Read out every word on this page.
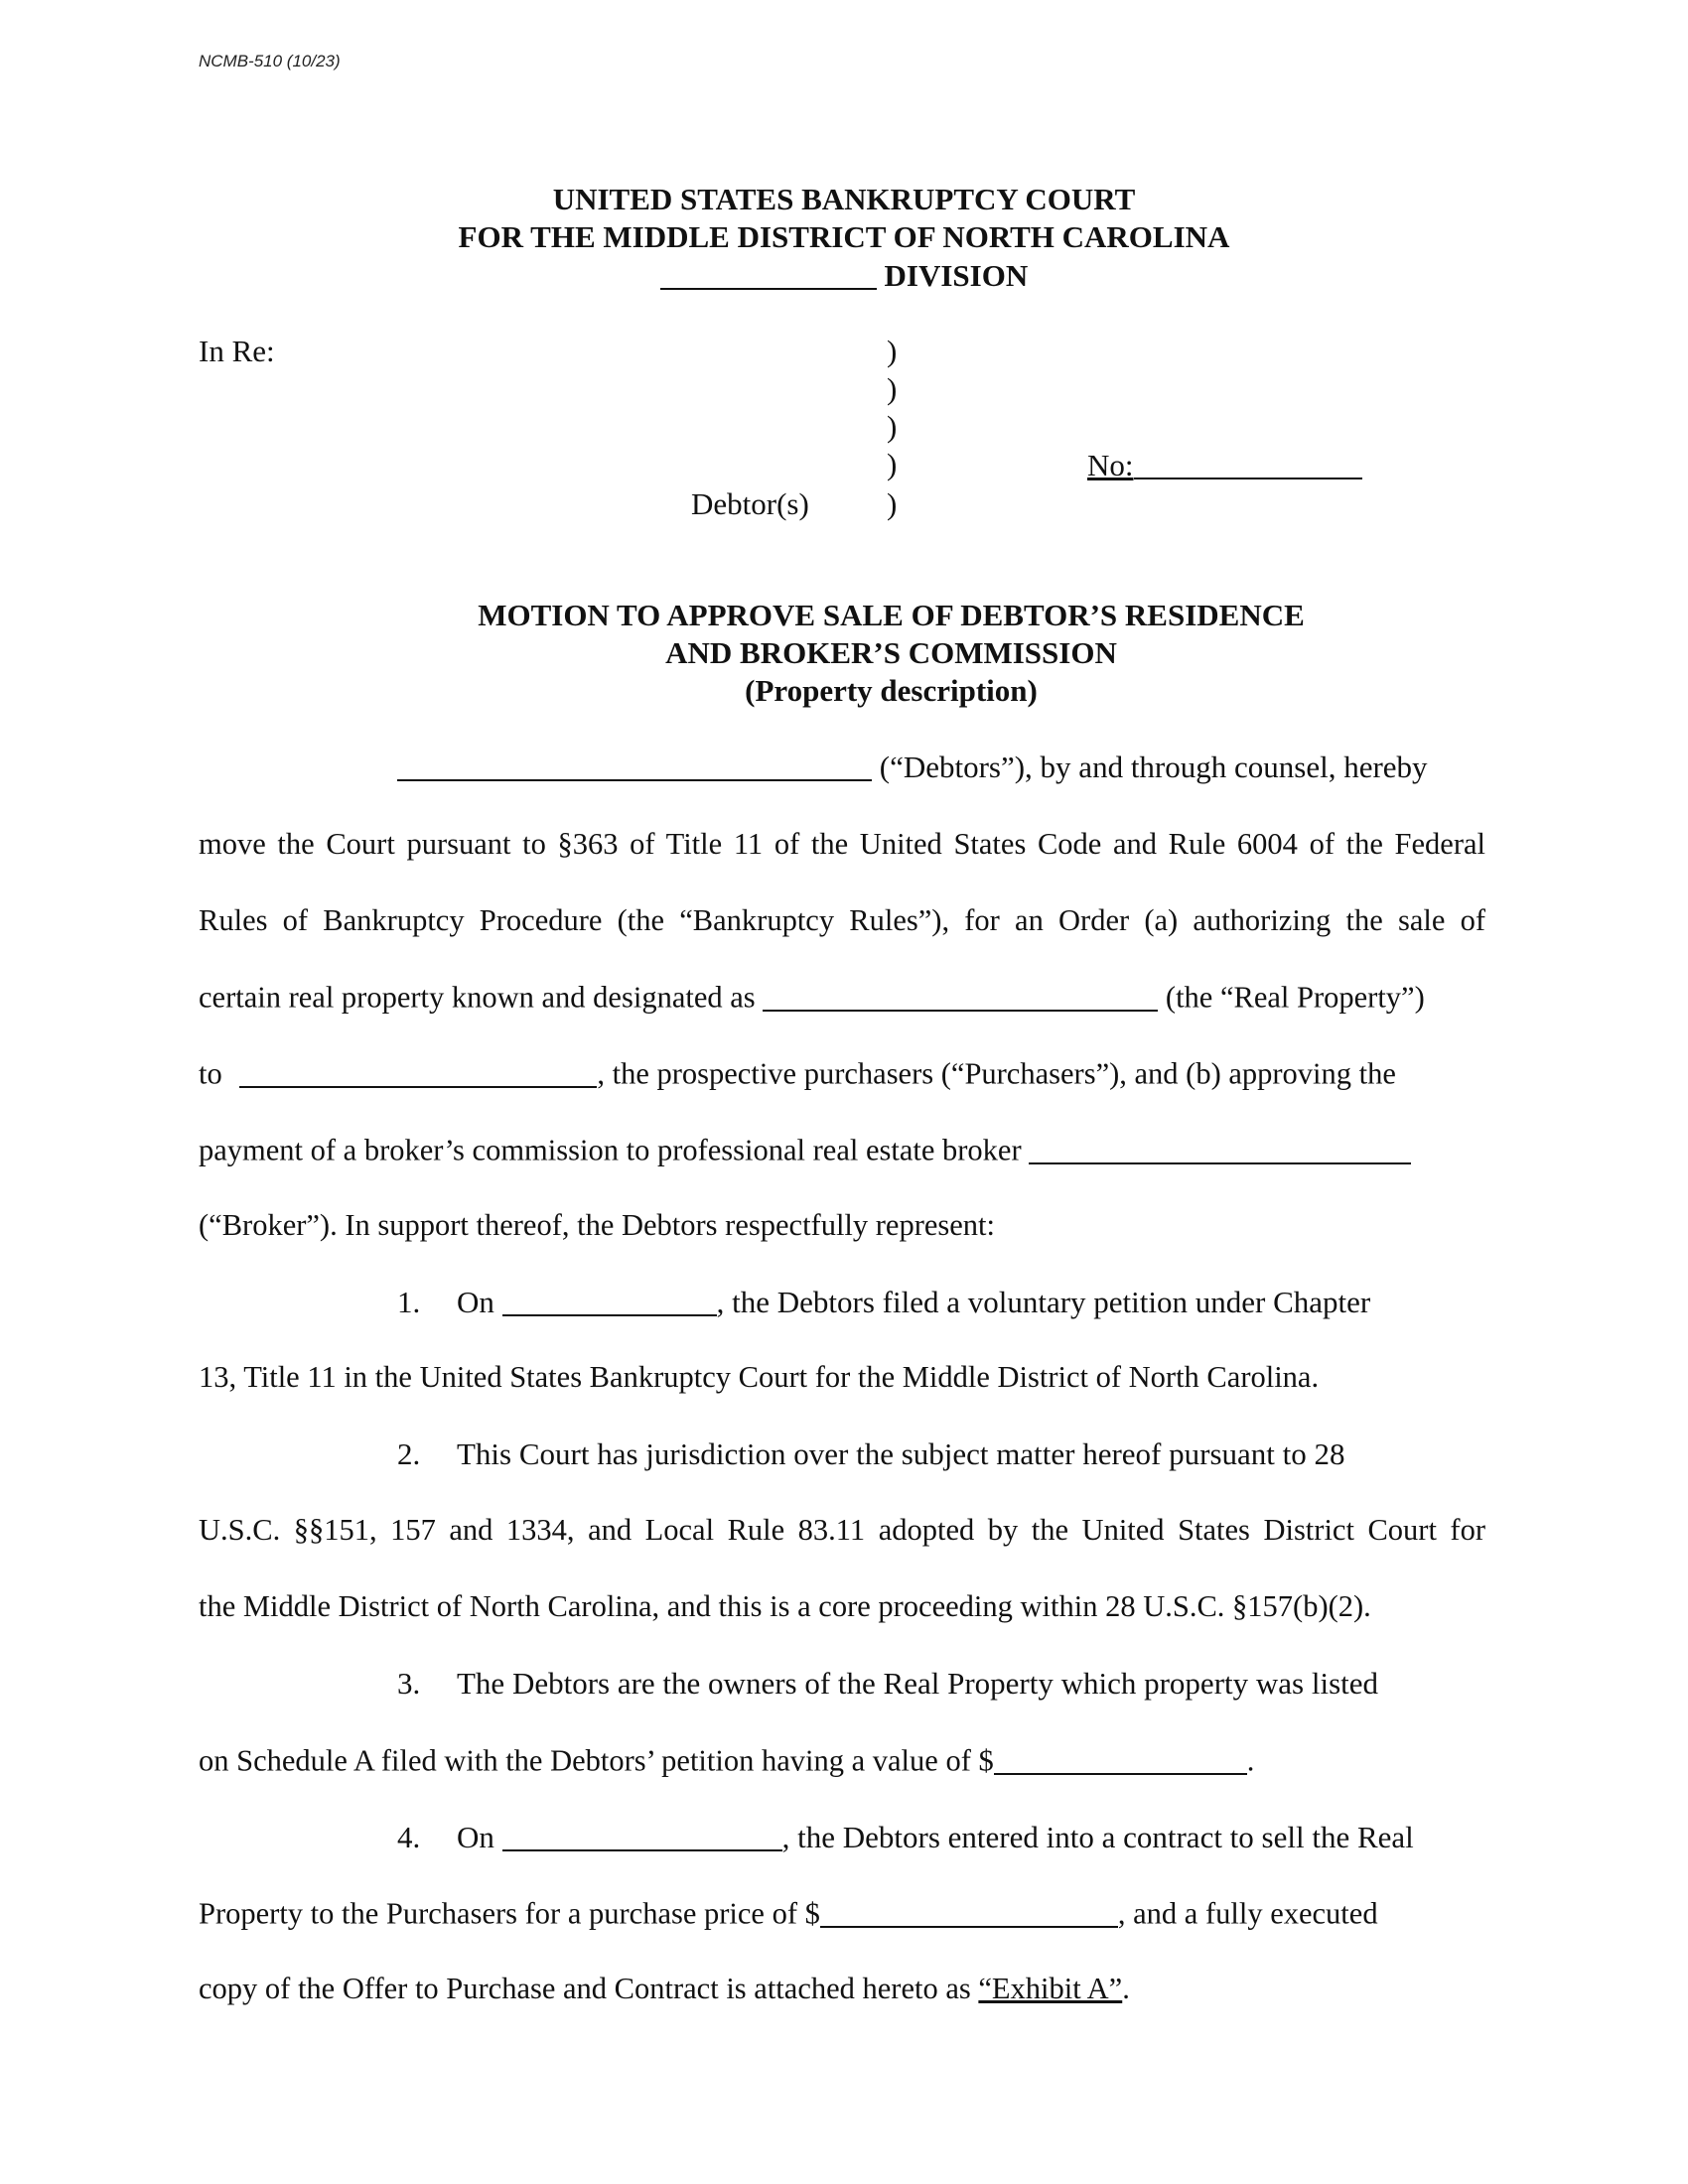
NCMB-510 (10/23)
UNITED STATES BANKRUPTCY COURT
FOR THE MIDDLE DISTRICT OF NORTH CAROLINA
DIVISION
In Re:	)
)
)
)
)
Debtor(s)
No:
MOTION TO APPROVE SALE OF DEBTOR’S RESIDENCE
AND BROKER’S COMMISSION
(Property description)
(“Debtors”), by and through counsel, hereby
move the Court pursuant to §363 of Title 11 of the United States Code and Rule 6004 of the Federal
Rules of Bankruptcy Procedure (the “Bankruptcy Rules”), for an Order (a) authorizing the sale of
certain real property known and designated as	(the “Real Property”)
to	, the prospective purchasers (“Purchasers”), and (b) approving the
payment of a broker’s commission to professional real estate broker
(“Broker”). In support thereof, the Debtors respectfully represent:
1. On	, the Debtors filed a voluntary petition under Chapter
13, Title 11 in the United States Bankruptcy Court for the Middle District of North Carolina.
2. This Court has jurisdiction over the subject matter hereof pursuant to 28
U.S.C. §§151, 157 and 1334, and Local Rule 83.11 adopted by the United States District Court for
the Middle District of North Carolina, and this is a core proceeding within 28 U.S.C. §157(b)(2).
3. The Debtors are the owners of the Real Property which property was listed
on Schedule A filed with the Debtors’ petition having a value of $	.
4. On	, the Debtors entered into a contract to sell the Real
Property to the Purchasers for a purchase price of $	, and a fully executed
copy of the Offer to Purchase and Contract is attached hereto as “Exhibit A”.
